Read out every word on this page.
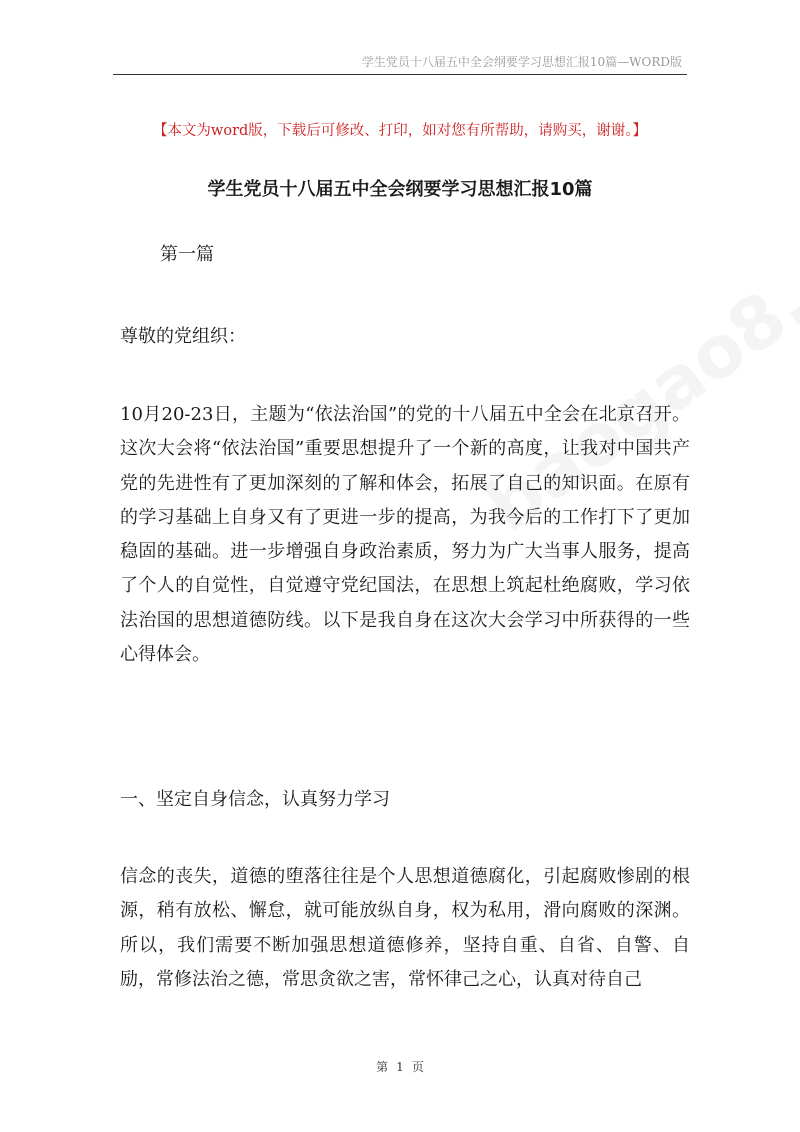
学生党员十八届五中全会纲要学习思想汇报10篇—WORD版
【本文为word版，下载后可修改、打印，如对您有所帮助，请购买，谢谢。】
学生党员十八届五中全会纲要学习思想汇报10篇
第一篇
尊敬的党组织：
10月20-23日，主题为“依法治国”的党的十八届五中全会在北京召开。这次大会将“依法治国”重要思想提升了一个新的高度，让我对中国共产党的先进性有了更加深刻的了解和体会，拓展了自己的知识面。在原有的学习基础上自身又有了更进一步的提高，为我今后的工作打下了更加稳固的基础。进一步增强自身政治素质，努力为广大当事人服务，提高了个人的自觉性，自觉遵守党纪国法，在思想上筑起杜绝腐败，学习依法治国的思想道德防线。以下是我自身在这次大会学习中所获得的一些心得体会。
一、坚定自身信念，认真努力学习
信念的丧失，道德的堕落往往是个人思想道德腐化，引起腐败惨剧的根源，稍有放松、懈怠，就可能放纵自身，权为私用，滑向腐败的深渊。所以，我们需要不断加强思想道德修养，坚持自重、自省、自警、自励，常修法治之德，常思贪欲之害，常怀律己之心，认真对待自己
第 1 页
